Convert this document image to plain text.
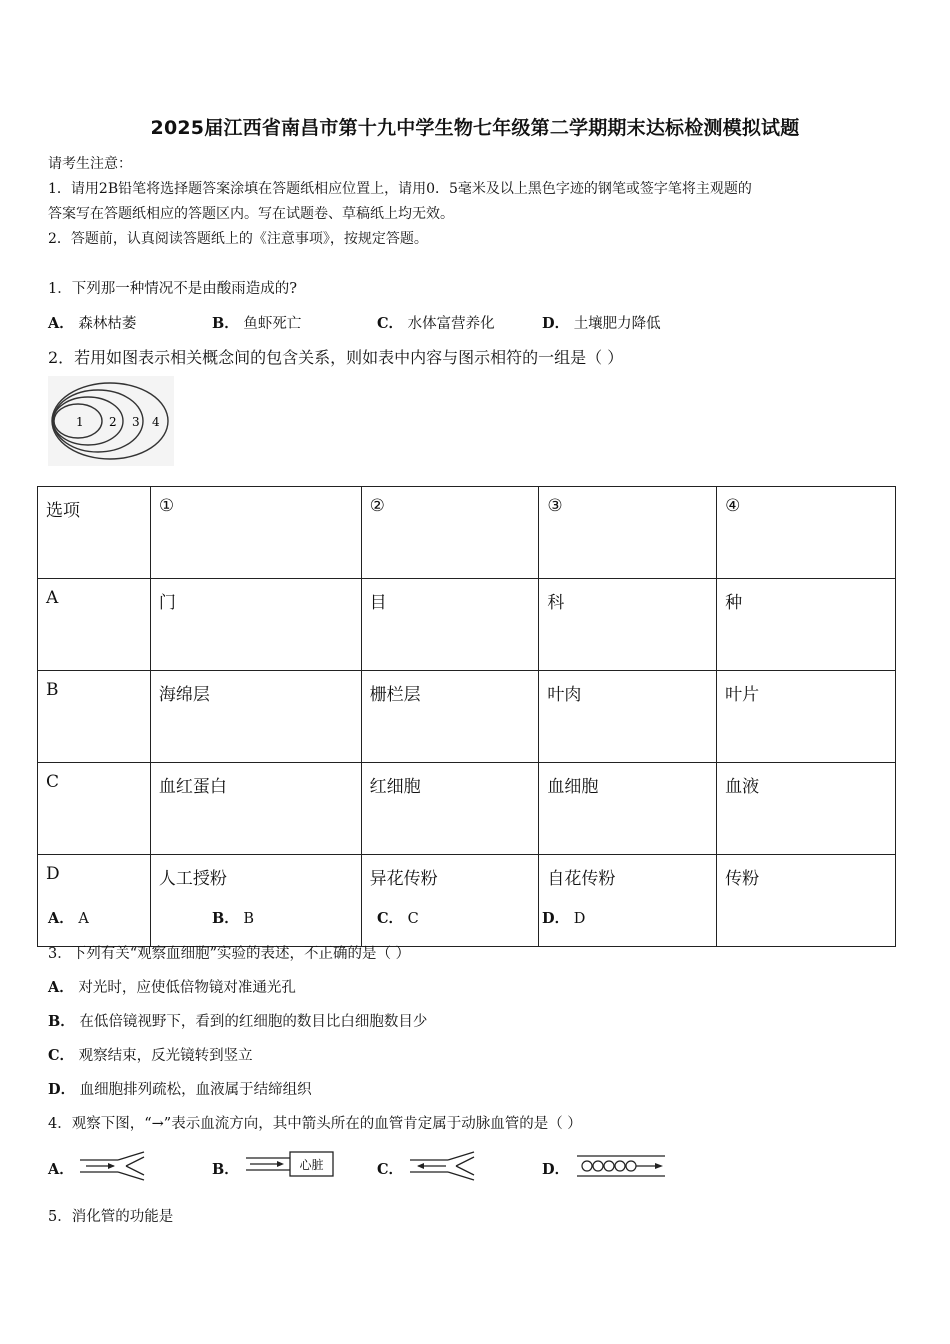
2025届江西省南昌市第十九中学生物七年级第二学期期末达标检测模拟试题
请考生注意：
1．请用2B铅笔将选择题答案涂填在答题纸相应位置上，请用0．5毫米及以上黑色字迹的钢笔或签字笔将主观题的
答案写在答题纸相应的答题区内。写在试题卷、草稿纸上均无效。
2．答题前，认真阅读答题纸上的《注意事项》，按规定答题。
1．下列那一种情况不是由酸雨造成的?
A． 森林枯萎	B． 鱼虾死亡	C． 水体富营养化	D． 土壤肥力降低
2．若用如图表示相关概念间的包含关系，则如表中内容与图示相符的一组是（ ）
1 2 3 4
选项	①	②	③	④
A	门	目	科	种
B	海绵层	栅栏层	叶肉	叶片
C	血红蛋白	红细胞	血细胞	血液
D	人工授粉	异花传粉	自花传粉	传粉
A． A	B． B	C． C	D． D
3．下列有关“观察血细胞”实验的表述，不正确的是（ ）
A． 对光时，应使低倍物镜对准通光孔
B． 在低倍镜视野下，看到的红细胞的数目比白细胞数目少
C． 观察结束，反光镜转到竖立
D． 血细胞排列疏松，血液属于结缔组织
4．观察下图，“→”表示血流方向，其中箭头所在的血管肯定属于动脉血管的是（ ）
A．	B．	心脏	C．	D．
5．消化管的功能是
